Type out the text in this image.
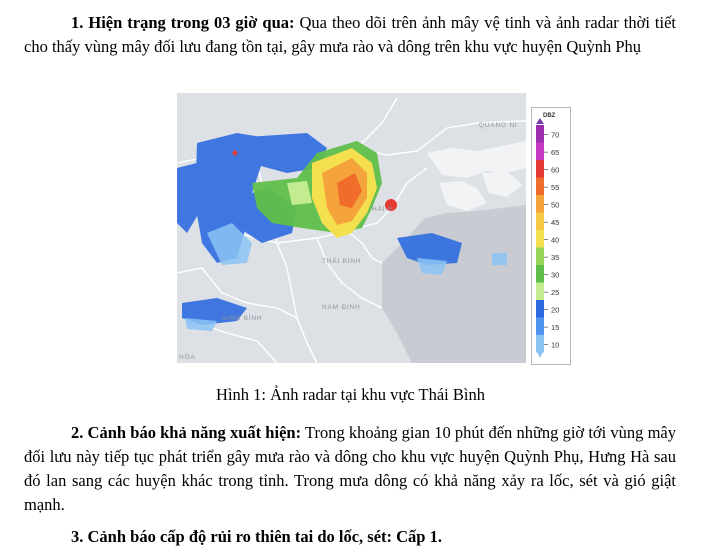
1. Hiện trạng trong 03 giờ qua: Qua theo dõi trên ảnh mây vệ tinh và ảnh radar thời tiết cho thấy vùng mây đối lưu đang tồn tại, gây mưa rào và dông trên khu vực huyện Quỳnh Phụ

QUANG NI
THÁI BÌNH
NAM ĐỊNH
NINH BÌNH
HÓA
HẢI P
DBZ
70
65
60
55
50
45
40
35
30
25
20
15
10
Hình 1: Ảnh radar tại khu vực Thái Bình

2. Cảnh báo khả năng xuất hiện: Trong khoảng gian 10 phút đến những giờ tới vùng mây đối lưu này tiếp tục phát triển gây mưa rào và dông cho khu vực huyện Quỳnh Phụ, Hưng Hà sau đó lan sang các huyện khác trong tỉnh. Trong mưa dông có khả năng xảy ra lốc, sét và gió giật mạnh.

3. Cảnh báo cấp độ rủi ro thiên tai do lốc, sét: Cấp 1.
